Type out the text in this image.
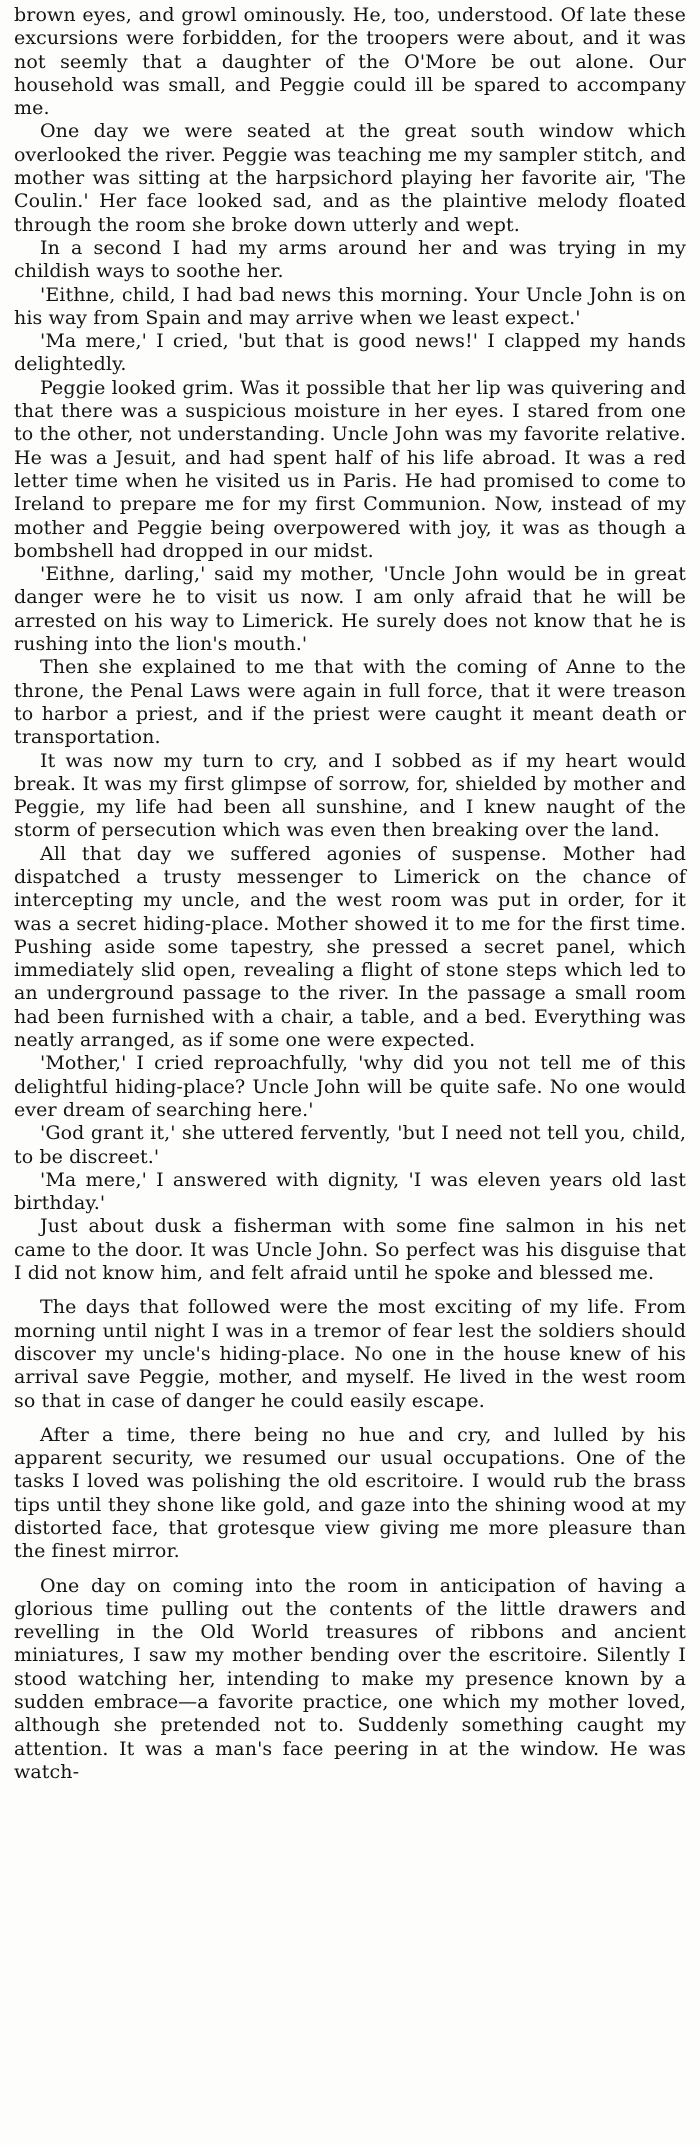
brown eyes, and growl ominously. He, too, understood. Of late these excursions were forbidden, for the troopers were about, and it was not seemly that a daughter of the O'More be out alone. Our household was small, and Peggie could ill be spared to accompany me.

One day we were seated at the great south window which overlooked the river. Peggie was teaching me my sampler stitch, and mother was sitting at the harpsichord playing her favorite air, 'The Coulin.' Her face looked sad, and as the plaintive melody floated through the room she broke down utterly and wept.

In a second I had my arms around her and was trying in my childish ways to soothe her.

'Eithne, child, I had bad news this morning. Your Uncle John is on his way from Spain and may arrive when we least expect.'

'Ma mere,' I cried, 'but that is good news!' I clapped my hands delightedly.

Peggie looked grim. Was it possible that her lip was quivering and that there was a suspicious moisture in her eyes. I stared from one to the other, not understanding. Uncle John was my favorite relative. He was a Jesuit, and had spent half of his life abroad. It was a red letter time when he visited us in Paris. He had promised to come to Ireland to prepare me for my first Communion. Now, instead of my mother and Peggie being overpowered with joy, it was as though a bombshell had dropped in our midst.

'Eithne, darling,' said my mother, 'Uncle John would be in great danger were he to visit us now. I am only afraid that he will be arrested on his way to Limerick. He surely does not know that he is rushing into the lion's mouth.'

Then she explained to me that with the coming of Anne to the throne, the Penal Laws were again in full force, that it were treason to harbor a priest, and if the priest were caught it meant death or transportation.

It was now my turn to cry, and I sobbed as if my heart would break. It was my first glimpse of sorrow, for, shielded by mother and Peggie, my life had been all sunshine, and I knew naught of the storm of persecution which was even then breaking over the land.

All that day we suffered agonies of suspense. Mother had dispatched a trusty messenger to Limerick on the chance of intercepting my uncle, and the west room was put in order, for it was a secret hiding-place. Mother showed it to me for the first time. Pushing aside some tapestry, she pressed a secret panel, which immediately slid open, revealing a flight of stone steps which led to an underground passage to the river. In the passage a small room had been furnished with a chair, a table, and a bed. Everything was neatly arranged, as if some one were expected.

'Mother,' I cried reproachfully, 'why did you not tell me of this delightful hiding-place? Uncle John will be quite safe. No one would ever dream of searching here.'

'God grant it,' she uttered fervently, 'but I need not tell you, child, to be discreet.'

'Ma mere,' I answered with dignity, 'I was eleven years old last birthday.'

Just about dusk a fisherman with some fine salmon in his net came to the door. It was Uncle John. So perfect was his disguise that I did not know him, and felt afraid until he spoke and blessed me.

The days that followed were the most exciting of my life. From morning until night I was in a tremor of fear lest the soldiers should discover my uncle's hiding-place. No one in the house knew of his arrival save Peggie, mother, and myself. He lived in the west room so that in case of danger he could easily escape.

After a time, there being no hue and cry, and lulled by his apparent security, we resumed our usual occupations. One of the tasks I loved was polishing the old escritoire. I would rub the brass tips until they shone like gold, and gaze into the shining wood at my distorted face, that grotesque view giving me more pleasure than the finest mirror.

One day on coming into the room in anticipation of having a glorious time pulling out the contents of the little drawers and revelling in the Old World treasures of ribbons and ancient miniatures, I saw my mother bending over the escritoire. Silently I stood watching her, intending to make my presence known by a sudden embrace—a favorite practice, one which my mother loved, although she pretended not to. Suddenly something caught my attention. It was a man's face peering in at the window. He was watch-
